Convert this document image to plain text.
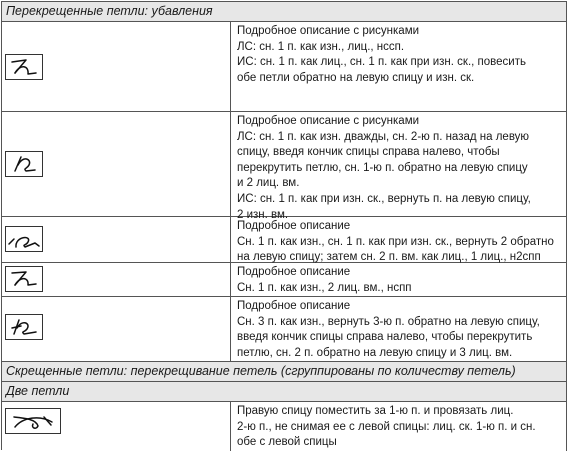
Перекрещенные петли: убавления
Подробное описание с рисунками
ЛС: сн. 1 п. как изн., лиц., нссп.
ИС: сн. 1 п. как лиц., сн. 1 п. как при изн. ск., повесить
обе петли обратно на левую спицу и изн. ск.
Подробное описание с рисунками
ЛС: сн. 1 п. как изн. дважды, сн. 2-ю п. назад на левую
спицу, введя кончик спицы справа налево, чтобы
перекрутить петлю, сн. 1-ю п. обратно на левую спицу
и 2 лиц. вм.
ИС: сн. 1 п. как при изн. ск., вернуть п. на левую спицу,
2 изн. вм.
Подробное описание
Сн. 1 п. как изн., сн. 1 п. как при изн. ск., вернуть 2 обратно
на левую спицу; затем сн. 2 п. вм. как лиц., 1 лиц., н2спп
Подробное описание
Сн. 1 п. как изн., 2 лиц. вм., нспп
Подробное описание
Сн. 3 п. как изн., вернуть 3-ю п. обратно на левую спицу,
введя кончик спицы справа налево, чтобы перекрутить
петлю, сн. 2 п. обратно на левую спицу и 3 лиц. вм.
Скрещенные петли: перекрещивание петель (сгруппированы по количеству петель)
Две петли
Правую спицу поместить за 1-ю п. и провязать лиц.
2-ю п., не снимая ее с левой спицы: лиц. ск. 1-ю п. и сн.
обе с левой спицы
